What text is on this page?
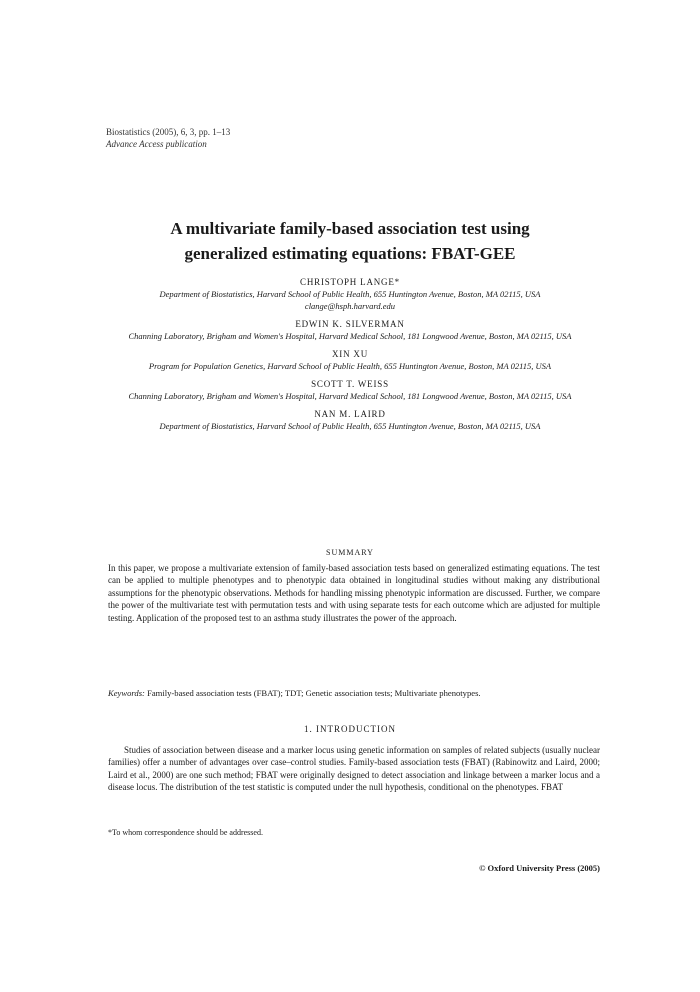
Biostatistics (2005), 6, 3, pp. 1–13
Advance Access publication
A multivariate family-based association test using
generalized estimating equations: FBAT-GEE
CHRISTOPH LANGE*
Department of Biostatistics, Harvard School of Public Health, 655 Huntington Avenue, Boston, MA 02115, USA
clange@hsph.harvard.edu
EDWIN K. SILVERMAN
Channing Laboratory, Brigham and Women's Hospital, Harvard Medical School, 181 Longwood Avenue, Boston, MA 02115, USA
XIN XU
Program for Population Genetics, Harvard School of Public Health, 655 Huntington Avenue, Boston, MA 02115, USA
SCOTT T. WEISS
Channing Laboratory, Brigham and Women's Hospital, Harvard Medical School, 181 Longwood Avenue, Boston, MA 02115, USA
NAN M. LAIRD
Department of Biostatistics, Harvard School of Public Health, 655 Huntington Avenue, Boston, MA 02115, USA
SUMMARY
In this paper, we propose a multivariate extension of family-based association tests based on generalized estimating equations. The test can be applied to multiple phenotypes and to phenotypic data obtained in longitudinal studies without making any distributional assumptions for the phenotypic observations. Methods for handling missing phenotypic information are discussed. Further, we compare the power of the multivariate test with permutation tests and with using separate tests for each outcome which are adjusted for multiple testing. Application of the proposed test to an asthma study illustrates the power of the approach.
Keywords: Family-based association tests (FBAT); TDT; Genetic association tests; Multivariate phenotypes.
1. INTRODUCTION
Studies of association between disease and a marker locus using genetic information on samples of related subjects (usually nuclear families) offer a number of advantages over case–control studies. Family-based association tests (FBAT) (Rabinowitz and Laird, 2000; Laird et al., 2000) are one such method; FBAT were originally designed to detect association and linkage between a marker locus and a disease locus. The distribution of the test statistic is computed under the null hypothesis, conditional on the phenotypes. FBAT
*To whom correspondence should be addressed.
© Oxford University Press (2005)
